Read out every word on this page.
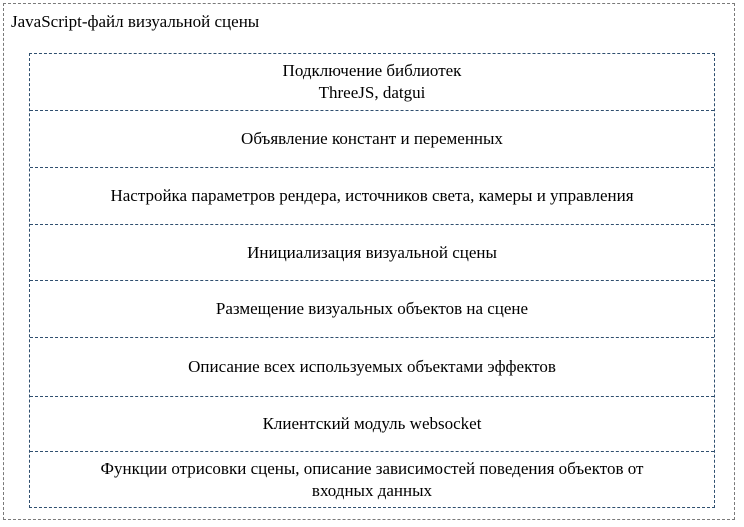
JavaScript-файл визуальной сцены
Подключение библиотек
ThreeJS, datgui
Объявление констант и переменных
Настройка параметров рендера, источников света, камеры и управления
Инициализация визуальной сцены
Размещение визуальных объектов на сцене
Описание всех используемых объектами эффектов
Клиентский модуль websocket
Функции отрисовки сцены, описание зависимостей поведения объектов от
входных данных
